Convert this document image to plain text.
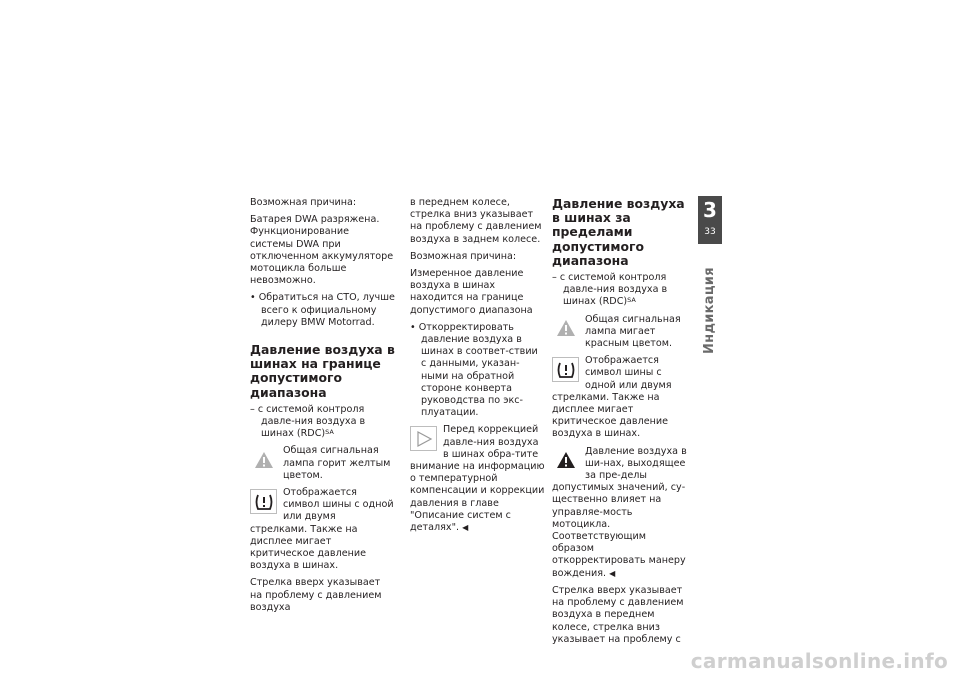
Возможная причина:

Батарея DWA разряжена. Функционирование системы DWA при отключенном аккумуляторе мотоцикла больше невозможно.

• Обратиться на СТО, лучше всего к официальному дилеру BMW Motorrad.

Давление воздуха в шинах на границе допустимого диапазона

– с системой контроля давле-ния воздуха в шинах (RDC)$^{SA}$

Общая сигнальная лампа горит желтым цветом.

Отображается символ шины с одной или двумя стрелками. Также на дисплее мигает критическое давление воздуха в шинах.

Стрелка вверх указывает на проблему с давлением воздуха

в переднем колесе, стрелка вниз указывает на проблему с давлением воздуха в заднем колесе.

Возможная причина:

Измеренное давление воздуха в шинах находится на границе допустимого диапазона

• Откорректировать давление воздуха в шинах в соответ-ствии с данными, указан-ными на обратной стороне конверта руководства по экс-плуатации.

Перед коррекцией давле-ния воздуха в шинах обра-тите внимание на информацию о температурной компенсации и коррекции давления в главе "Описание систем с деталях". ◀

Давление воздуха в шинах за пределами допустимого диапазона

– с системой контроля давле-ния воздуха в шинах (RDC)$^{SA}$

Общая сигнальная лампа мигает красным цветом.

Отображается символ шины с одной или двумя стрелками. Также на дисплее мигает критическое давление воздуха в шинах.

Давление воздуха в ши-нах, выходящее за пре-делы допустимых значений, су-щественно влияет на управляе-мость мотоцикла. Соответствующим образом откорректировать манеру вождения. ◀

Стрелка вверх указывает на проблему с давлением воздуха в переднем колесе, стрелка вниз указывает на проблему с

3
33
Индикация
carmanualsonline.info
